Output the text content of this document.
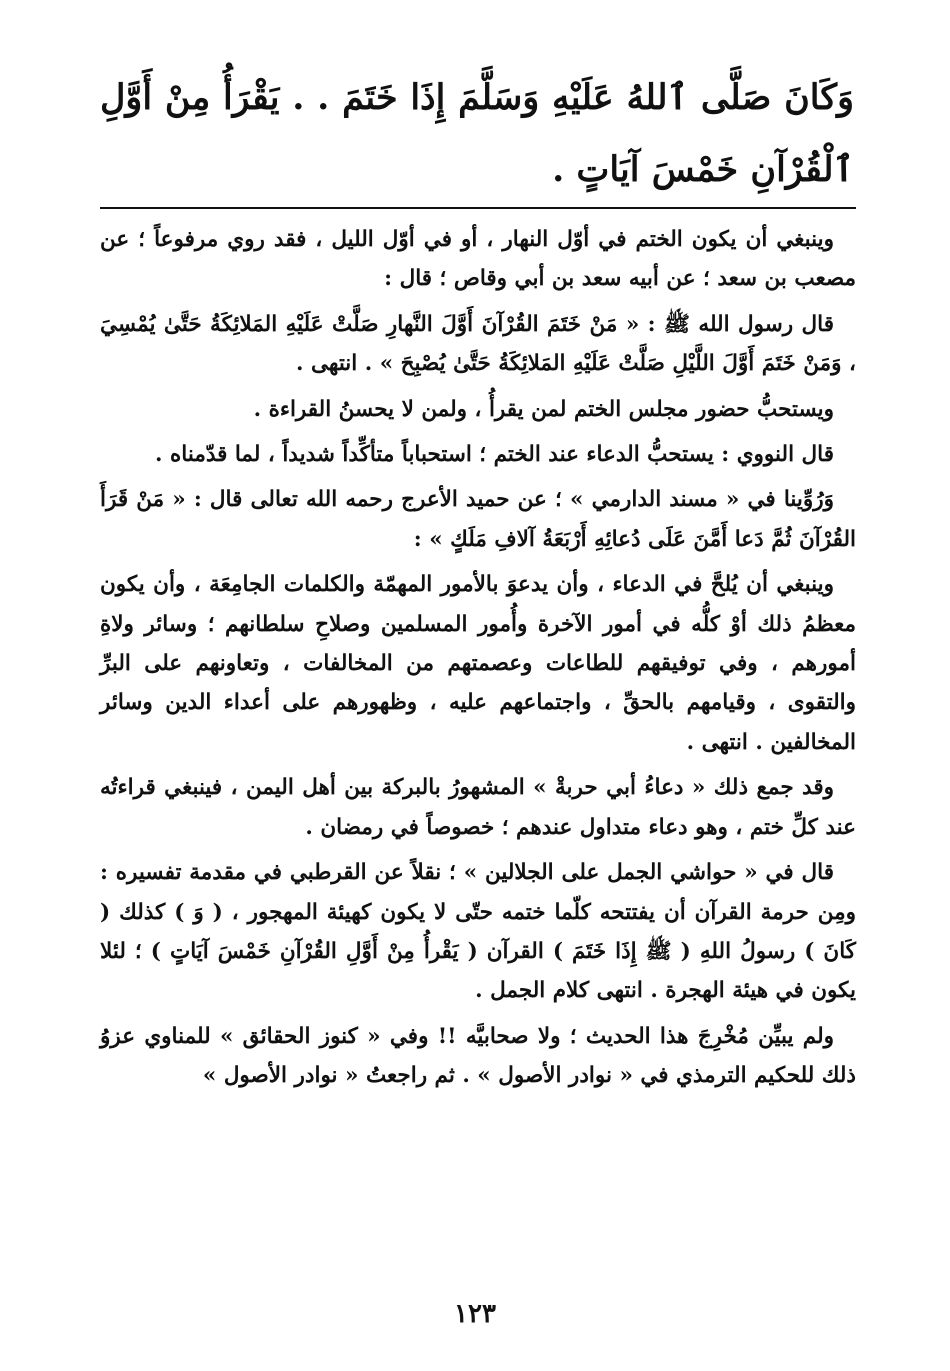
وَكَانَ صَلَّى ٱللهُ عَلَيْهِ وَسَلَّمَ إِذَا خَتَمَ . . يَقْرَأُ مِنْ أَوَّلِ ٱلْقُرْآنِ خَمْسَ آيَاتٍ .

وينبغي أن يكون الختم في أوّل النهار ، أو في أوّل الليل ، فقد روي مرفوعاً ؛ عن مصعب بن سعد ؛ عن أبيه سعد بن أبي وقاص ؛ قال :

قال رسول الله ﷺ : « مَنْ خَتَمَ القُرْآنَ أَوَّلَ النَّهارِ صَلَّتْ عَلَيْهِ المَلائِكَةُ حَتَّىٰ يُمْسِيَ ، وَمَنْ خَتَمَ أَوَّلَ اللَّيْلِ صَلَّتْ عَلَيْهِ المَلائِكَةُ حَتَّىٰ يُصْبِحَ » . انتهى .

ويستحبُّ حضور مجلس الختم لمن يقرأُ ، ولمن لا يحسنُ القراءة .

قال النووي : يستحبُّ الدعاء عند الختم ؛ استحباباً متأكِّداً شديداً ، لما قدّمناه .

وَرُوِّينا في « مسند الدارمي » ؛ عن حميد الأعرج رحمه الله تعالى قال : « مَنْ قَرَأَ القُرْآنَ ثُمَّ دَعا أَمَّنَ عَلَى دُعائِهِ أَرْبَعَةُ آلافِ مَلَكٍ » :

وينبغي أن يُلحَّ في الدعاء ، وأن يدعوَ بالأمور المهمّة والكلمات الجامِعَة ، وأن يكون معظمُ ذلك أوْ كلُّه في أمور الآخرة وأُمور المسلمين وصلاحِ سلطانهم ؛ وسائر ولاةِ أمورهم ، وفي توفيقهم للطاعات وعصمتهم من المخالفات ، وتعاونهم على البرِّ والتقوى ، وقيامهم بالحقِّ ، واجتماعهم عليه ، وظهورهم على أعداء الدين وسائر المخالفين . انتهى .

وقد جمع ذلك « دعاءُ أبي حربةْ » المشهورُ بالبركة بين أهل اليمن ، فينبغي قراءتُه عند كلِّ ختم ، وهو دعاء متداول عندهم ؛ خصوصاً في رمضان .

قال في « حواشي الجمل على الجلالين » ؛ نقلاً عن القرطبي في مقدمة تفسيره : ومِن حرمة القرآن أن يفتتحه كلّما ختمه حتّى لا يكون كهيئة المهجور ، ( وَ ) كذلك ( كَانَ ) رسولُ اللهِ ( ﷺ إِذَا خَتَمَ ) القرآن ( يَقْرأُ مِنْ أَوَّلِ القُرْآنِ خَمْسَ آيَاتٍ ) ؛ لئلا يكون في هيئة الهجرة . انتهى كلام الجمل .

ولم يبيِّن مُخْرِجَ هذا الحديث ؛ ولا صحابيَّه !! وفي « كنوز الحقائق » للمناوي عزوُ ذلك للحكيم الترمذي في « نوادر الأصول » . ثم راجعتُ « نوادر الأصول »

١٢٣
